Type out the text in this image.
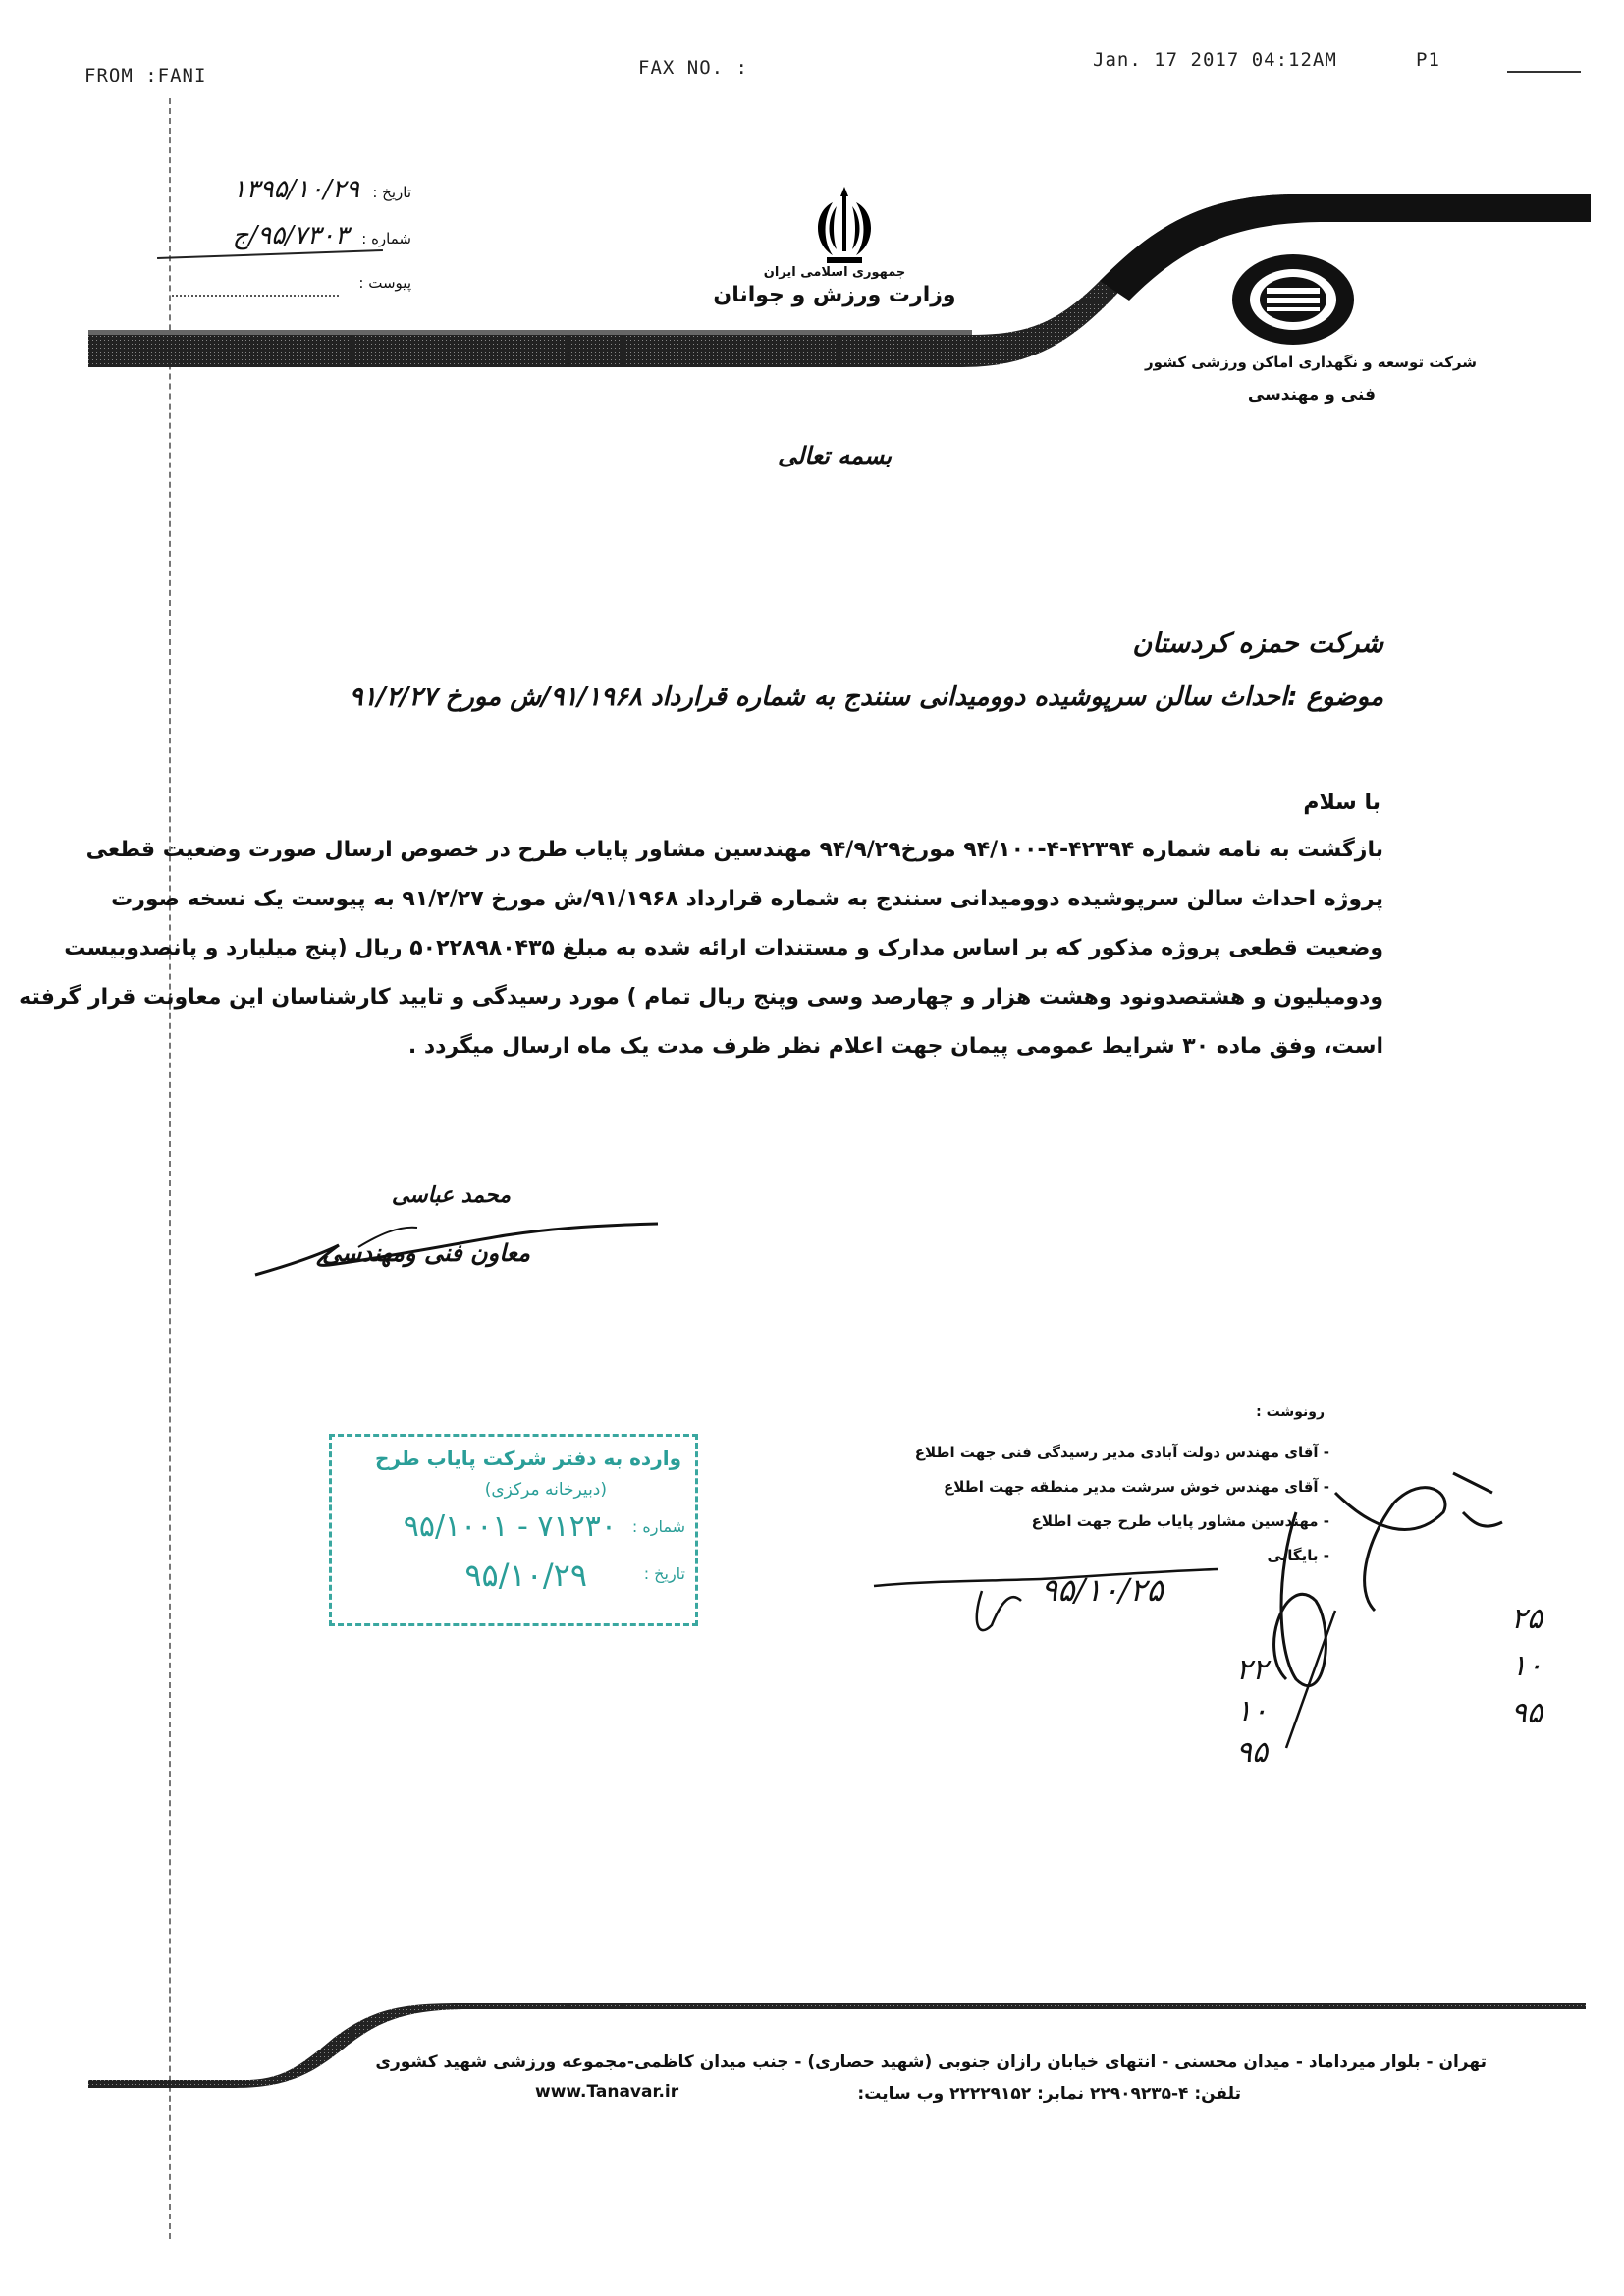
FROM :FANI	FAX NO. :	Jan. 17 2017 04:12AM	P1
تاریخ : ۱۳۹۵/۱۰/۲۹
شماره : ۹۵/۷۳۰۳/ج
پیوست :
جمهوری اسلامی ایران
وزارت ورزش و جوانان
شرکت توسعه و نگهداری اماکن ورزشی کشور
فنی و مهندسی
بسمه تعالی
شرکت حمزه کردستان
موضوع :احداث سالن سرپوشیده دوومیدانی سنندج به شماره قرارداد ۹۱/۱۹۶۸/ش مورخ ۹۱/۲/۲۷
با سلام
بازگشت به نامه شماره ۴۲۳۹۴-۴-۹۴/۱۰۰ مورخ۹۴/۹/۲۹ مهندسین مشاور پایاب طرح در خصوص ارسال صورت وضعیت قطعی
پروژه احداث سالن سرپوشیده دوومیدانی سنندج به شماره قرارداد ۹۱/۱۹۶۸/ش مورخ ۹۱/۲/۲۷ به پیوست یک نسخه صورت
وضعیت قطعی پروژه مذکور که بر اساس مدارک و مستندات ارائه شده به مبلغ ۵۰۲۲۸۹۸۰۴۳۵ ریال (پنج میلیارد و پانصدوبیست
ودومیلیون و هشتصدونود وهشت هزار و چهارصد وسی وپنج ریال تمام ) مورد رسیدگی و تایید کارشناسان این معاونت قرار گرفته
است، وفق ماده ۳۰ شرایط عمومی پیمان جهت اعلام نظر ظرف مدت یک ماه ارسال میگردد .
محمد عباسی
معاون فنی ومهندسی
رونوشت :
- آقای مهندس دولت آبادی مدیر رسیدگی فنی جهت اطلاع
- آقای مهندس خوش سرشت مدیر منطقه جهت اطلاع
- مهندسین مشاور پایاب طرح جهت اطلاع
- بایگانی
وارده به دفتر شرکت پایاب طرح
(دبیرخانه مرکزی)
شماره :
۷۱۲۳۰ - ۹۵/۱۰۰۱
تاریخ :
۹۵/۱۰/۲۹	۹۵/۱۰/۲۵
۲۲
۱۰
۹۵
۲۵
۱۰
۹۵
تهران - بلوار میرداماد - میدان محسنی - انتهای خیابان رازان جنوبی (شهید حصاری) - جنب میدان کاظمی-مجموعه ورزشی شهید کشوری
تلفن: ۴-۲۲۹۰۹۲۳۵ نمابر: ۲۲۲۲۹۱۵۲ وب سایت:
www.Tanavar.ir
